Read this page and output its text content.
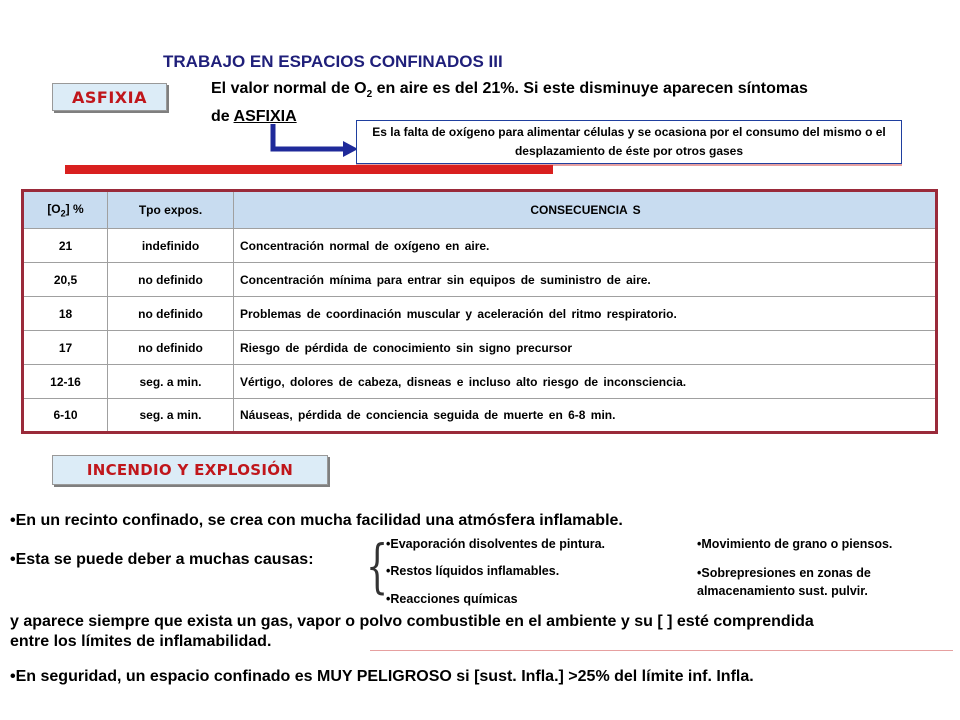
TRABAJO EN ESPACIOS CONFINADOS III
ASFIXIA	El valor normal de $O_2$ en aire es del 21%. Si este disminuye aparecen síntomas
de ASFIXIA
Es la falta de oxígeno para alimentar células y se ocasiona por el consumo del mismo o el desplazamiento de éste por otros gases
$[O_2]$ %	Tpo expos.	CONSECUENCIA S
21	indefinido	Concentración normal de oxígeno en aire.
20,5	no definido	Concentración mínima para entrar sin equipos de suministro de aire.
18	no definido	Problemas de coordinación muscular y aceleración del ritmo respiratorio.
17	no definido	Riesgo de pérdida de conocimiento sin signo precursor
12-16	seg. a min.	Vértigo, dolores de cabeza, disneas e incluso alto riesgo de inconsciencia.
6-10	seg. a min.	Náuseas, pérdida de conciencia seguida de muerte en 6-8 min.
INCENDIO Y EXPLOSIÓN
• En un recinto confinado, se crea con mucha facilidad una atmósfera inflamable.
• Esta se puede deber a muchas causas: { • Evaporación disolventes de pintura.
• Restos líquidos inflamables.
• Reacciones químicas
• Movimiento de grano o piensos.
•Sobrepresiones en zonas de almacenamiento sust. pulvir.
y aparece siempre que exista un gas, vapor o polvo combustible en el ambiente y su [ ] esté comprendida
entre los límites de inflamabilidad.
• En seguridad, un espacio confinado es MUY PELIGROSO si [sust. Infla.] >25% del límite inf. Infla.
